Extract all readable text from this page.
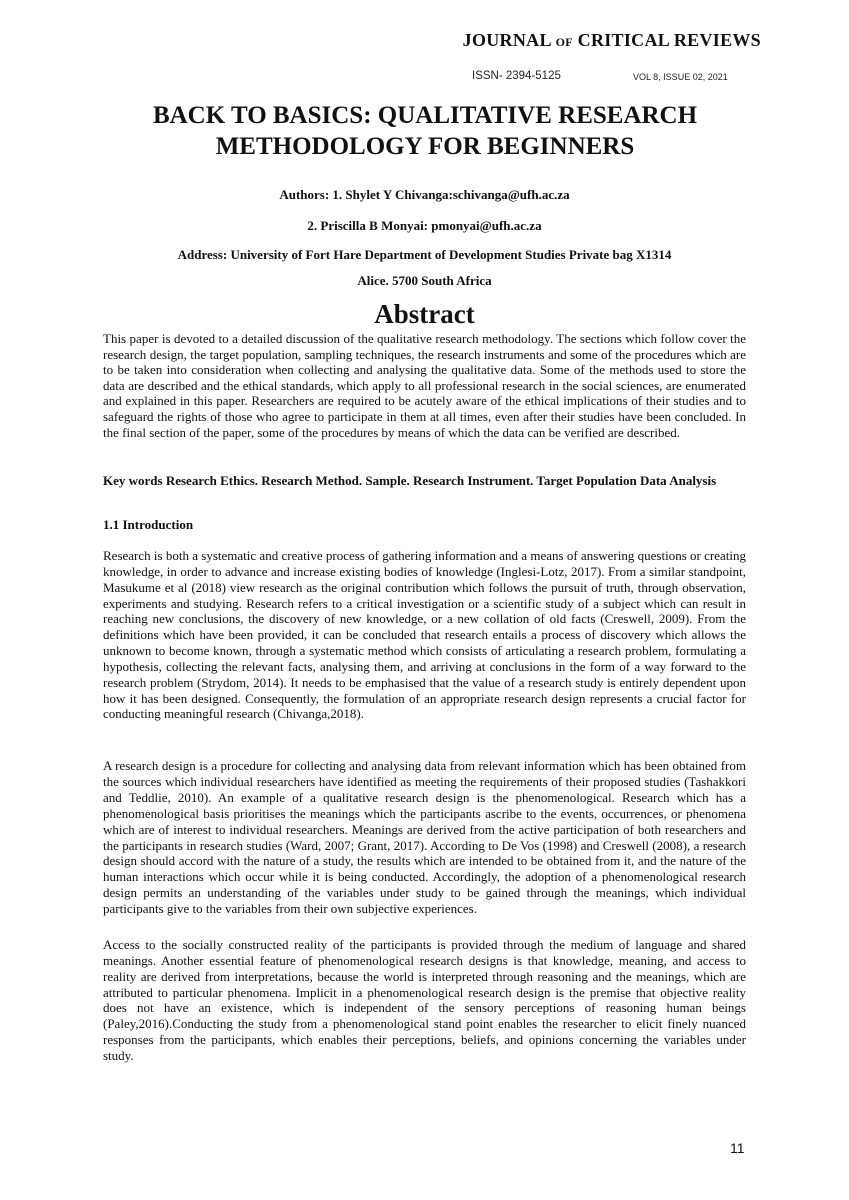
JOURNAL OF CRITICAL REVIEWS
ISSN- 2394-5125	VOL 8, ISSUE 02, 2021
BACK TO BASICS: QUALITATIVE RESEARCH
METHODOLOGY FOR BEGINNERS
Authors: 1. Shylet Y Chivanga:schivanga@ufh.ac.za
2. Priscilla B Monyai: pmonyai@ufh.ac.za
Address: University of Fort Hare Department of Development Studies Private bag X1314
Alice. 5700 South Africa
Abstract

This paper is devoted to a detailed discussion of the qualitative research methodology. The sections which follow cover the research design, the target population, sampling techniques, the research instruments and some of the procedures which are to be taken into consideration when collecting and analysing the qualitative data. Some of the methods used to store the data are described and the ethical standards, which apply to all professional research in the social sciences, are enumerated and explained in this paper. Researchers are required to be acutely aware of the ethical implications of their studies and to safeguard the rights of those who agree to participate in them at all times, even after their studies have been concluded. In the final section of the paper, some of the procedures by means of which the data can be verified are described.

Key words Research Ethics. Research Method. Sample. Research Instrument. Target Population Data Analysis

1.1 Introduction

Research is both a systematic and creative process of gathering information and a means of answering questions or creating knowledge, in order to advance and increase existing bodies of knowledge (Inglesi-Lotz, 2017). From a similar standpoint, Masukume et al (2018) view research as the original contribution which follows the pursuit of truth, through observation, experiments and studying. Research refers to a critical investigation or a scientific study of a subject which can result in reaching new conclusions, the discovery of new knowledge, or a new collation of old facts (Creswell, 2009). From the definitions which have been provided, it can be concluded that research entails a process of discovery which allows the unknown to become known, through a systematic method which consists of articulating a research problem, formulating a hypothesis, collecting the relevant facts, analysing them, and arriving at conclusions in the form of a way forward to the research problem (Strydom, 2014). It needs to be emphasised that the value of a research study is entirely dependent upon how it has been designed. Consequently, the formulation of an appropriate research design represents a crucial factor for conducting meaningful research (Chivanga,2018).

A research design is a procedure for collecting and analysing data from relevant information which has been obtained from the sources which individual researchers have identified as meeting the requirements of their proposed studies (Tashakkori and Teddlie, 2010). An example of a qualitative research design is the phenomenological. Research which has a phenomenological basis prioritises the meanings which the participants ascribe to the events, occurrences, or phenomena which are of interest to individual researchers. Meanings are derived from the active participation of both researchers and the participants in research studies (Ward, 2007; Grant, 2017). According to De Vos (1998) and Creswell (2008), a research design should accord with the nature of a study, the results which are intended to be obtained from it, and the nature of the human interactions which occur while it is being conducted. Accordingly, the adoption of a phenomenological research design permits an understanding of the variables under study to be gained through the meanings, which individual participants give to the variables from their own subjective experiences.

Access to the socially constructed reality of the participants is provided through the medium of language and shared meanings. Another essential feature of phenomenological research designs is that knowledge, meaning, and access to reality are derived from interpretations, because the world is interpreted through reasoning and the meanings, which are attributed to particular phenomena. Implicit in a phenomenological research design is the premise that objective reality does not have an existence, which is independent of the sensory perceptions of reasoning human beings (Paley,2016).Conducting the study from a phenomenological stand point enables the researcher to elicit finely nuanced responses from the participants, which enables their perceptions, beliefs, and opinions concerning the variables under study.

11
